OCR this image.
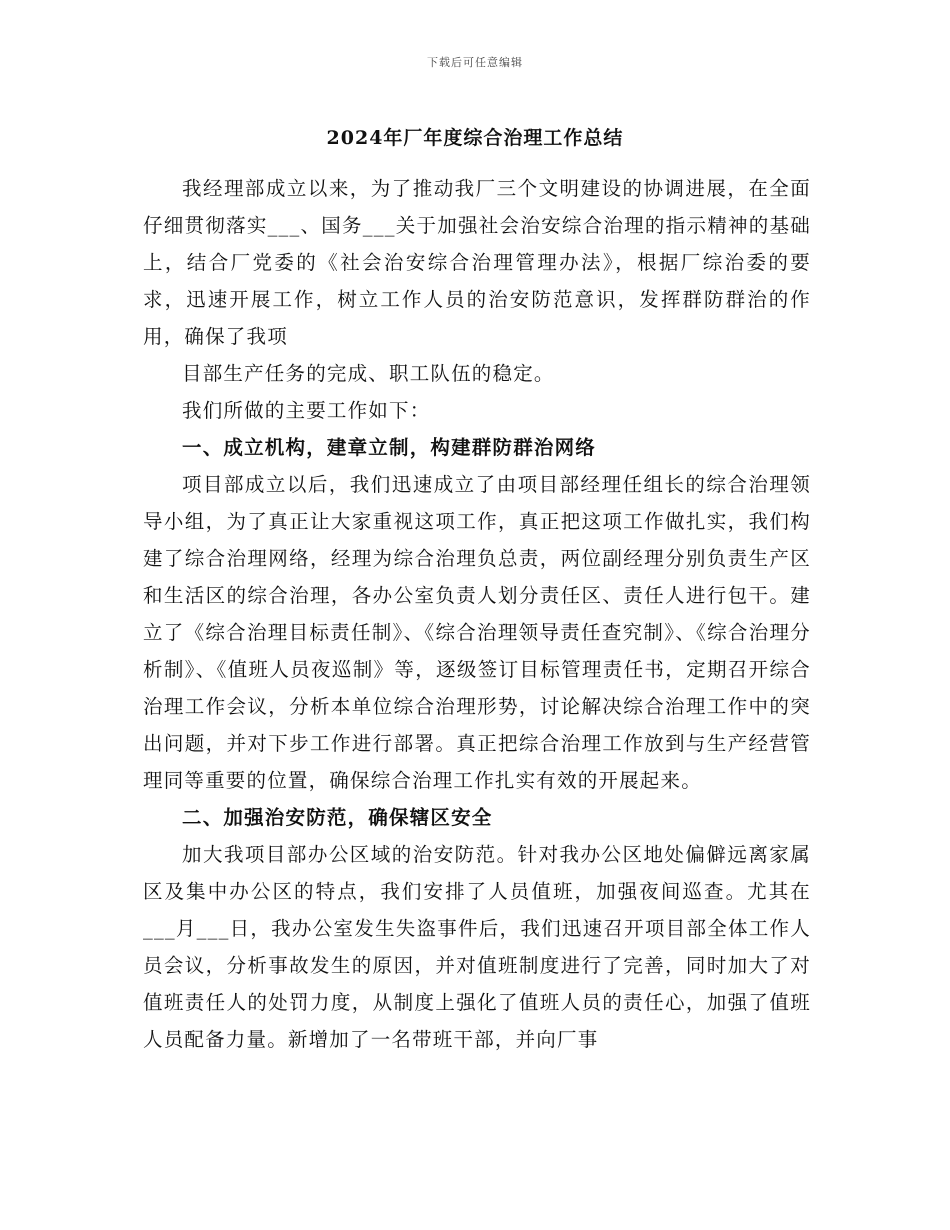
下载后可任意编辑
2024年厂年度综合治理工作总结

我经理部成立以来，为了推动我厂三个文明建设的协调进展，在全面仔细贯彻落实___、国务___关于加强社会治安综合治理的指示精神的基础上，结合厂党委的《社会治安综合治理管理办法》，根据厂综治委的要求，迅速开展工作，树立工作人员的治安防范意识，发挥群防群治的作用，确保了我项

目部生产任务的完成、职工队伍的稳定。

我们所做的主要工作如下：

一、成立机构，建章立制，构建群防群治网络

项目部成立以后，我们迅速成立了由项目部经理任组长的综合治理领导小组，为了真正让大家重视这项工作，真正把这项工作做扎实，我们构建了综合治理网络，经理为综合治理负总责，两位副经理分别负责生产区和生活区的综合治理，各办公室负责人划分责任区、责任人进行包干。建立了《综合治理目标责任制》、《综合治理领导责任查究制》、《综合治理分析制》、《值班人员夜巡制》等，逐级签订目标管理责任书，定期召开综合治理工作会议，分析本单位综合治理形势，讨论解决综合治理工作中的突出问题，并对下步工作进行部署。真正把综合治理工作放到与生产经营管理同等重要的位置，确保综合治理工作扎实有效的开展起来。

二、加强治安防范，确保辖区安全

加大我项目部办公区域的治安防范。针对我办公区地处偏僻远离家属区及集中办公区的特点，我们安排了人员值班，加强夜间巡查。尤其在___月___日，我办公室发生失盗事件后，我们迅速召开项目部全体工作人员会议，分析事故发生的原因，并对值班制度进行了完善，同时加大了对值班责任人的处罚力度，从制度上强化了值班人员的责任心，加强了值班人员配备力量。新增加了一名带班干部，并向厂事
